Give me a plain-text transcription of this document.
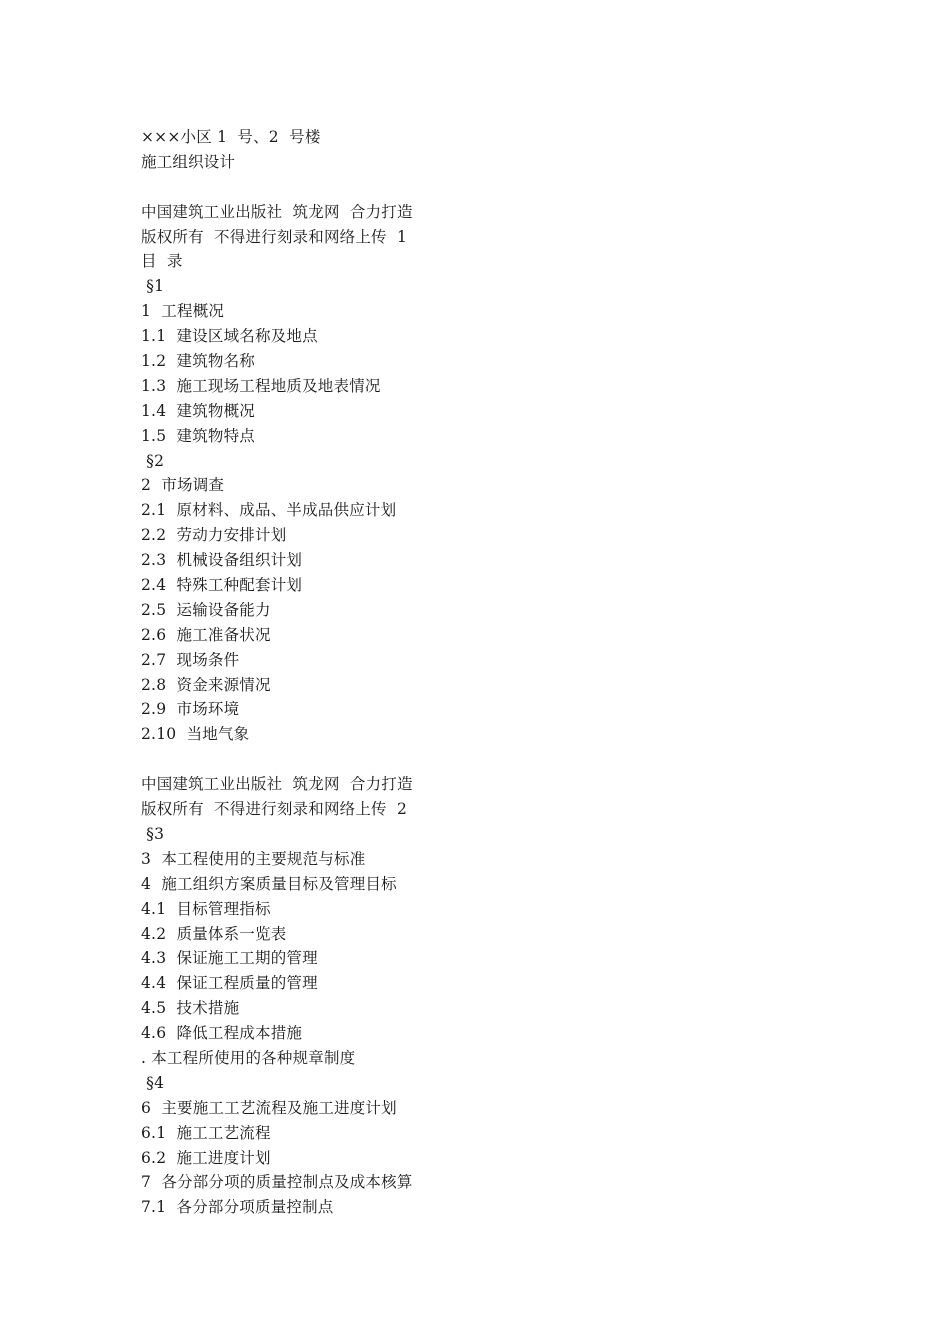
×××小区 1  号、2  号楼
施工组织设计
中国建筑工业出版社  筑龙网  合力打造
版权所有  不得进行刻录和网络上传  1
目  录
§1
1  工程概况
1.1  建设区域名称及地点
1.2  建筑物名称
1.3  施工现场工程地质及地表情况
1.4  建筑物概况
1.5  建筑物特点
§2
2  市场调查
2.1  原材料、成品、半成品供应计划
2.2  劳动力安排计划
2.3  机械设备组织计划
2.4  特殊工种配套计划
2.5  运输设备能力
2.6  施工准备状况
2.7  现场条件
2.8  资金来源情况
2.9  市场环境
2.10  当地气象
中国建筑工业出版社  筑龙网  合力打造
版权所有  不得进行刻录和网络上传  2
§3
3  本工程使用的主要规范与标准
4  施工组织方案质量目标及管理目标
4.1  目标管理指标
4.2  质量体系一览表
4.3  保证施工工期的管理
4.4  保证工程质量的管理
4.5  技术措施
4.6  降低工程成本措施
. 本工程所使用的各种规章制度
§4
6  主要施工工艺流程及施工进度计划
6.1  施工工艺流程
6.2  施工进度计划
7  各分部分项的质量控制点及成本核算
7.1  各分部分项质量控制点
